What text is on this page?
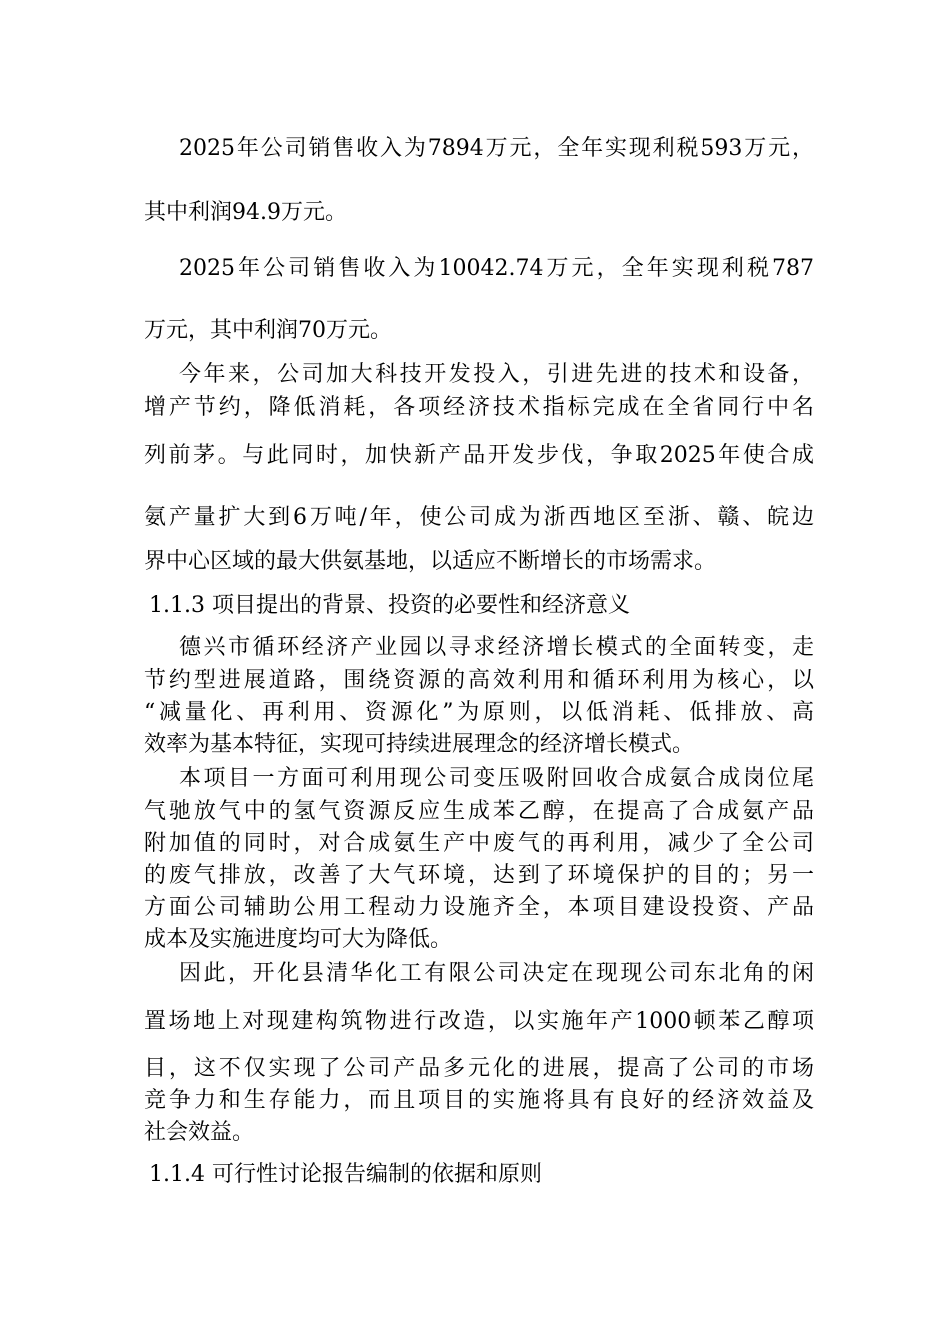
2025年公司销售收入为7894万元，全年实现利税593万元，
其中利润94.9万元。
2025年公司销售收入为10042.74万元，全年实现利税787
万元，其中利润70万元。
今年来，公司加大科技开发投入，引进先进的技术和设备，
增产节约，降低消耗，各项经济技术指标完成在全省同行中名
列前茅。与此同时，加快新产品开发步伐，争取2025年使合成
氨产量扩大到6万吨/年，使公司成为浙西地区至浙、赣、皖边
界中心区域的最大供氨基地，以适应不断增长的市场需求。
1.1.3 项目提出的背景、投资的必要性和经济意义
德兴市循环经济产业园以寻求经济增长模式的全面转变，走
节约型进展道路，围绕资源的高效利用和循环利用为核心，以
“减量化、再利用、资源化”为原则，以低消耗、低排放、高
效率为基本特征，实现可持续进展理念的经济增长模式。
本项目一方面可利用现公司变压吸附回收合成氨合成岗位尾
气驰放气中的氢气资源反应生成苯乙醇，在提高了合成氨产品
附加值的同时，对合成氨生产中废气的再利用，减少了全公司
的废气排放，改善了大气环境，达到了环境保护的目的；另一
方面公司辅助公用工程动力设施齐全，本项目建设投资、产品
成本及实施进度均可大为降低。
因此，开化县清华化工有限公司决定在现现公司东北角的闲
置场地上对现建构筑物进行改造，以实施年产1000顿苯乙醇项
目，这不仅实现了公司产品多元化的进展，提高了公司的市场
竞争力和生存能力，而且项目的实施将具有良好的经济效益及
社会效益。
1.1.4 可行性讨论报告编制的依据和原则
